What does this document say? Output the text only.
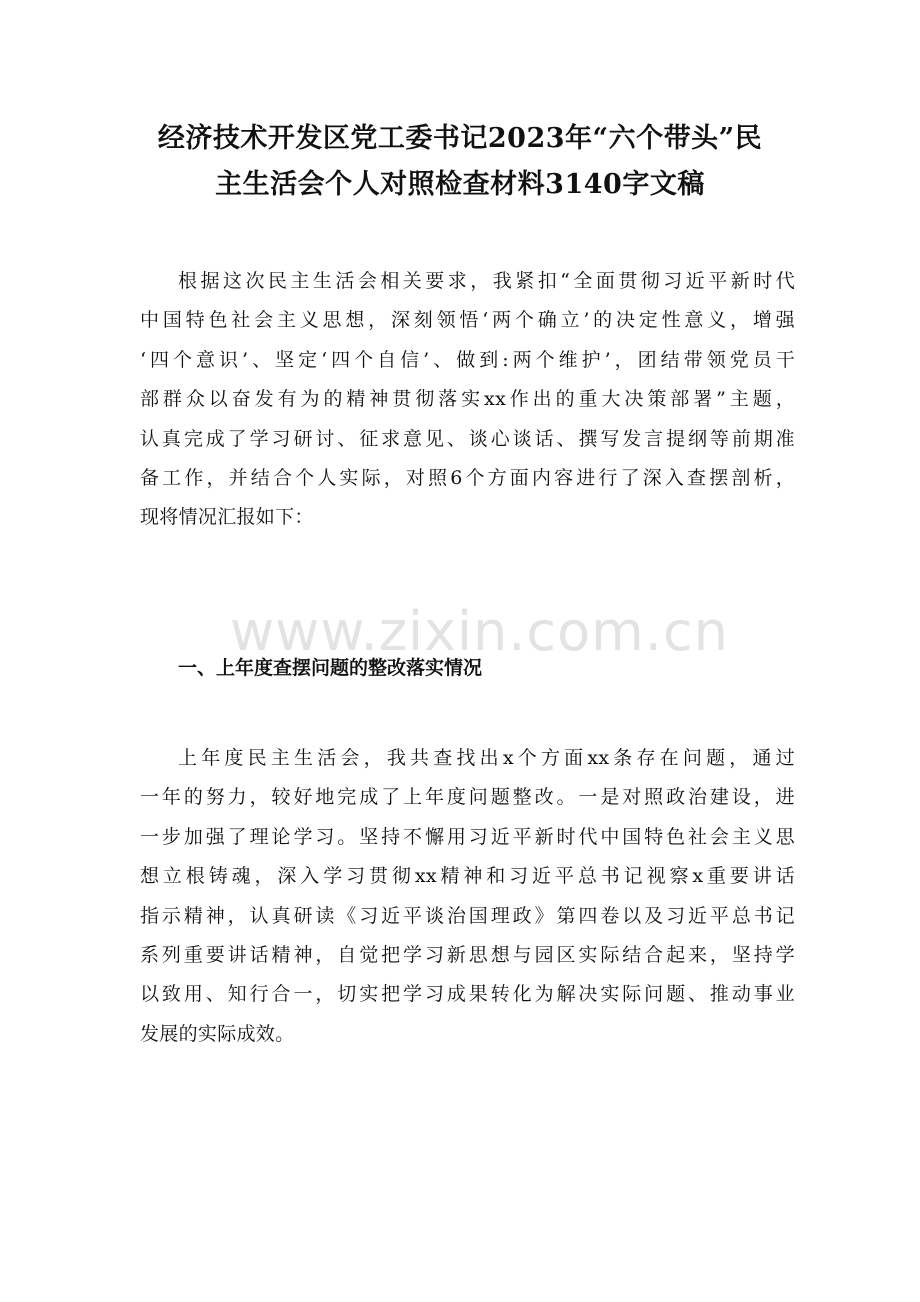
www.zixin.com.cn
经济技术开发区党工委书记2023年“六个带头”民
主生活会个人对照检查材料3140字文稿
根据这次民主生活会相关要求，我紧扣“全面贯彻习近平新时代
中国特色社会主义思想，深刻领悟‘两个确立’的决定性意义，增强
‘四个意识’、坚定‘四个自信’、做到:两个维护’，团结带领党员干
部群众以奋发有为的精神贯彻落实xx作出的重大决策部署”主题，
认真完成了学习研讨、征求意见、谈心谈话、撰写发言提纲等前期准
备工作，并结合个人实际，对照6个方面内容进行了深入查摆剖析，
现将情况汇报如下：
一、上年度查摆问题的整改落实情况
上年度民主生活会，我共查找出x个方面xx条存在问题，通过
一年的努力，较好地完成了上年度问题整改。一是对照政治建设，进
一步加强了理论学习。坚持不懈用习近平新时代中国特色社会主义思
想立根铸魂，深入学习贯彻xx精神和习近平总书记视察x重要讲话
指示精神，认真研读《习近平谈治国理政》第四卷以及习近平总书记
系列重要讲话精神，自觉把学习新思想与园区实际结合起来，坚持学
以致用、知行合一，切实把学习成果转化为解决实际问题、推动事业
发展的实际成效。
